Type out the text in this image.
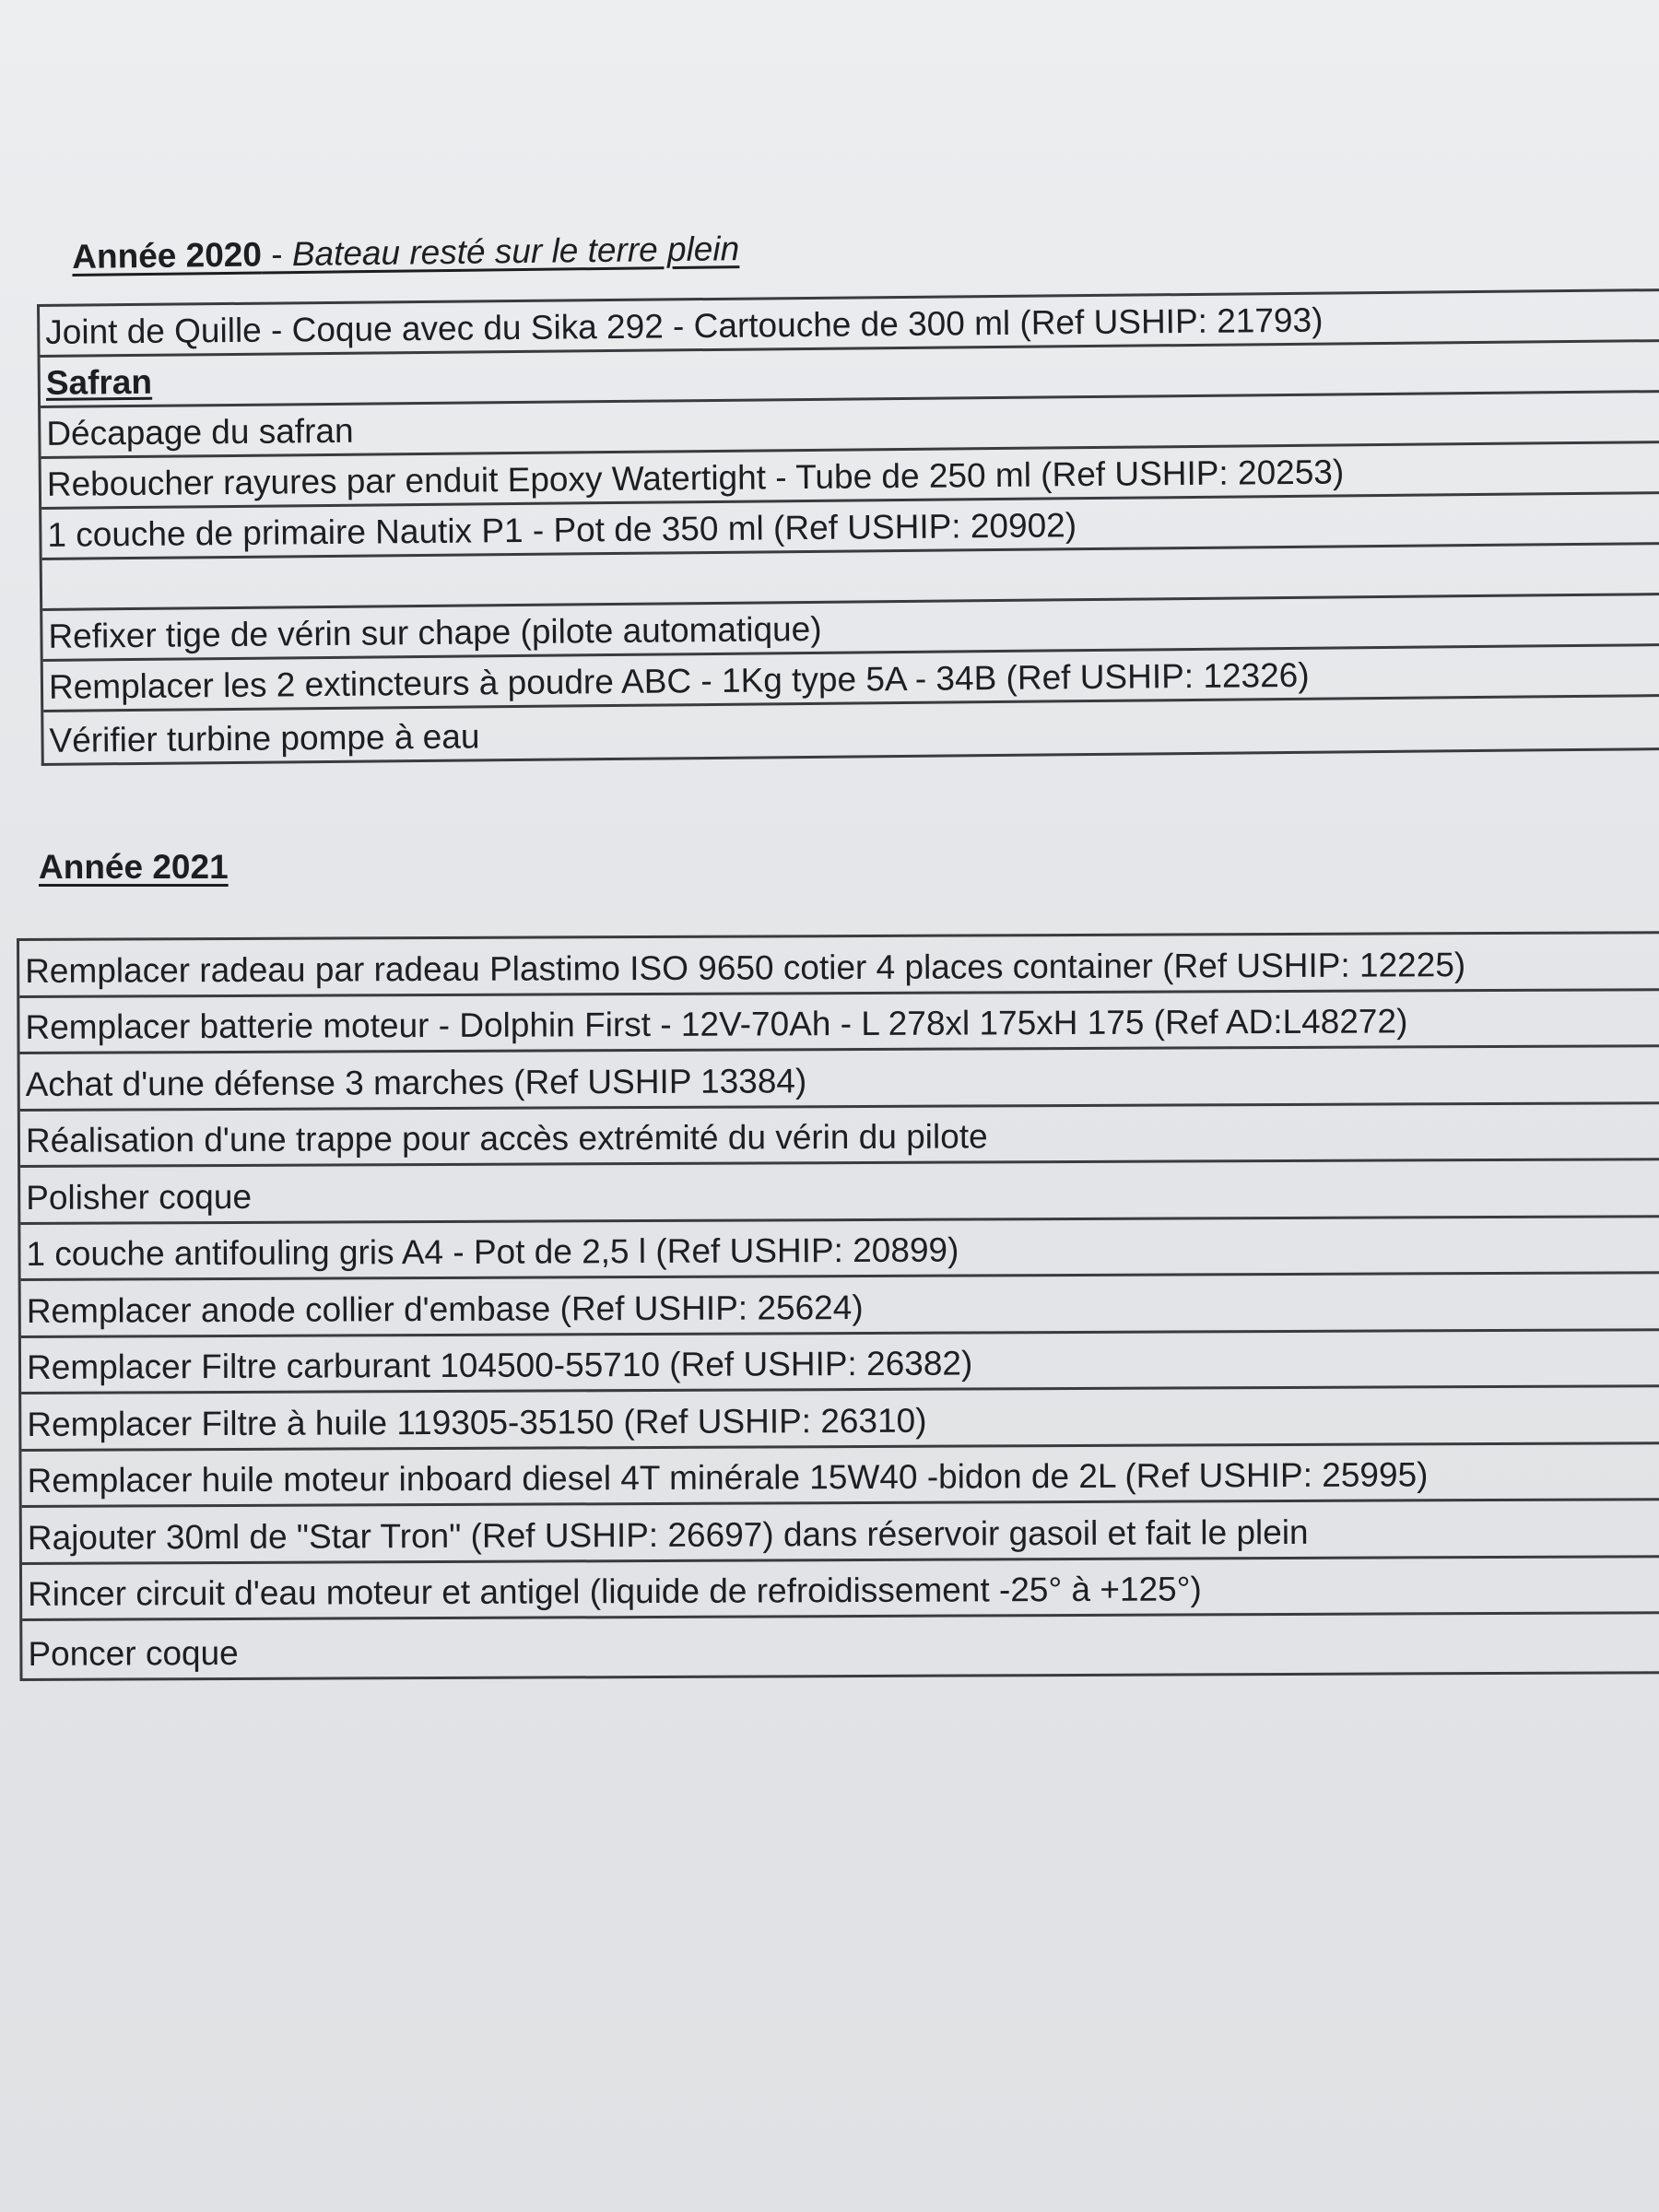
Année 2020 - Bateau resté sur le terre plein
Joint de Quille - Coque avec du Sika 292 - Cartouche de 300 ml (Ref USHIP: 21793)
Safran
Décapage du safran
Reboucher rayures par enduit Epoxy Watertight - Tube de 250 ml (Ref USHIP: 20253)
1 couche de primaire Nautix P1 - Pot de 350 ml (Ref USHIP: 20902)
Refixer tige de vérin sur chape (pilote automatique)
Remplacer les 2 extincteurs à poudre ABC - 1Kg type 5A - 34B (Ref USHIP: 12326)
Vérifier turbine pompe à eau
Année 2021
Remplacer radeau par radeau Plastimo ISO 9650 cotier 4 places container (Ref USHIP: 12225)
Remplacer batterie moteur - Dolphin First - 12V-70Ah - L 278xl 175xH 175 (Ref AD:L48272)
Achat d'une défense 3 marches (Ref USHIP 13384)
Réalisation d'une trappe pour accès extrémité du vérin du pilote
Polisher coque
1 couche antifouling gris A4 - Pot de 2,5 l (Ref USHIP: 20899)
Remplacer anode collier d'embase (Ref USHIP: 25624)
Remplacer Filtre carburant 104500-55710 (Ref USHIP: 26382)
Remplacer Filtre à huile 119305-35150 (Ref USHIP: 26310)
Remplacer huile moteur inboard diesel 4T minérale 15W40 -bidon de 2L (Ref USHIP: 25995)
Rajouter 30ml de "Star Tron" (Ref USHIP: 26697) dans réservoir gasoil et fait le plein
Rincer circuit d'eau moteur et antigel (liquide de refroidissement -25° à +125°)
Poncer coque
